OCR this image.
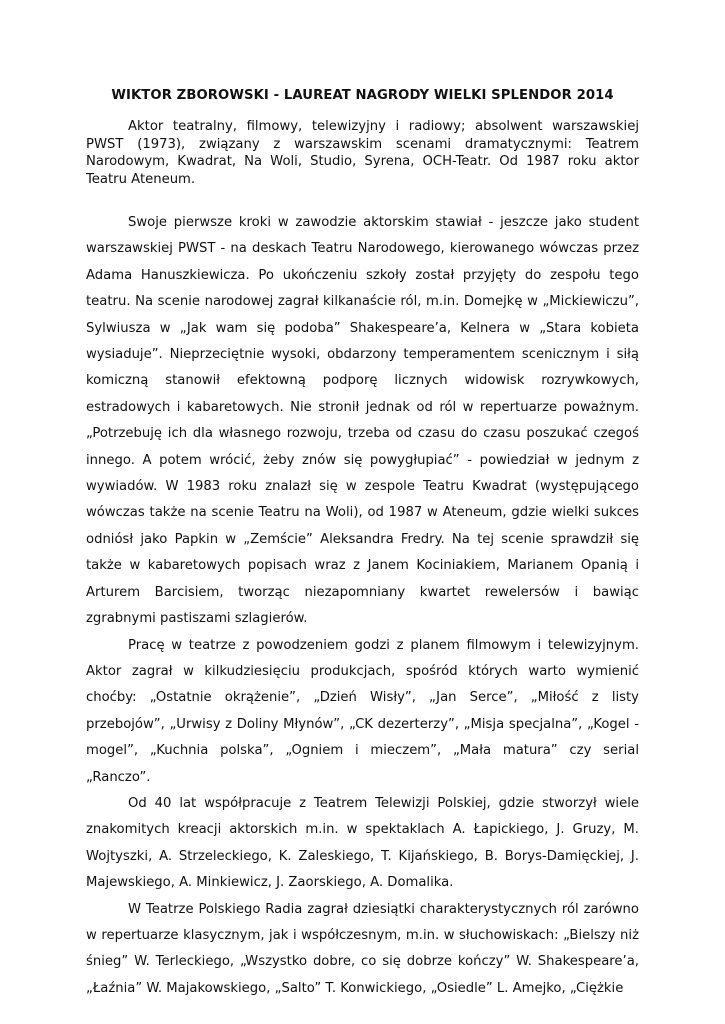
WIKTOR ZBOROWSKI - LAUREAT NAGRODY WIELKI SPLENDOR 2014

Aktor teatralny, filmowy, telewizyjny i radiowy; absolwent warszawskiej PWST (1973), związany z warszawskim scenami dramatycznymi: Teatrem Narodowym, Kwadrat, Na Woli, Studio, Syrena, OCH-Teatr. Od 1987 roku aktor Teatru Ateneum.

Swoje pierwsze kroki w zawodzie aktorskim stawiał - jeszcze jako student warszawskiej PWST - na deskach Teatru Narodowego, kierowanego wówczas przez Adama Hanuszkiewicza. Po ukończeniu szkoły został przyjęty do zespołu tego teatru. Na scenie narodowej zagrał kilkanaście ról, m.in. Domejkę w „Mickiewiczu”, Sylwiusza w „Jak wam się podoba” Shakespeare’a, Kelnera w „Stara kobieta wysiaduje”. Nieprzeciętnie wysoki, obdarzony temperamentem scenicznym i siłą komiczną stanowił efektowną podporę licznych widowisk rozrywkowych, estradowych i kabaretowych. Nie stronił jednak od ról w repertuarze poważnym. „Potrzebuję ich dla własnego rozwoju, trzeba od czasu do czasu poszukać czegoś innego. A potem wrócić, żeby znów się powygłupiać” - powiedział w jednym z wywiadów. W 1983 roku znalazł się w zespole Teatru Kwadrat (występującego wówczas także na scenie Teatru na Woli), od 1987 w Ateneum, gdzie wielki sukces odniósł jako Papkin w „Zemście” Aleksandra Fredry. Na tej scenie sprawdził się także w kabaretowych popisach wraz z Janem Kociniakiem, Marianem Opanią i Arturem Barcisiem, tworząc niezapomniany kwartet rewelersów i bawiąc zgrabnymi pastiszami szlagierów.

Pracę w teatrze z powodzeniem godzi z planem filmowym i telewizyjnym. Aktor zagrał w kilkudziesięciu produkcjach, spośród których warto wymienić choćby: „Ostatnie okrążenie”, „Dzień Wisły”, „Jan Serce”, „Miłość z listy przebojów”, „Urwisy z Doliny Młynów”, „CK dezerterzy”, „Misja specjalna”, „Kogel - mogel”, „Kuchnia polska”, „Ogniem i mieczem”, „Mała matura” czy serial „Ranczo”.

Od 40 lat współpracuje z Teatrem Telewizji Polskiej, gdzie stworzył wiele znakomitych kreacji aktorskich m.in. w spektaklach A. Łapickiego, J. Gruzy, M. Wojtyszki, A. Strzeleckiego, K. Zaleskiego, T. Kijańskiego, B. Borys-Damięckiej, J. Majewskiego, A. Minkiewicz, J. Zaorskiego, A. Domalika.

W Teatrze Polskiego Radia zagrał dziesiątki charakterystycznych ról zarówno w repertuarze klasycznym, jak i współczesnym, m.in. w słuchowiskach: „Bielszy niż śnieg” W. Terleckiego, „Wszystko dobre, co się dobrze kończy” W. Shakespeare’a, „Łaźnia” W. Majakowskiego, „Salto” T. Konwickiego, „Osiedle” L. Amejko, „Ciężkie
